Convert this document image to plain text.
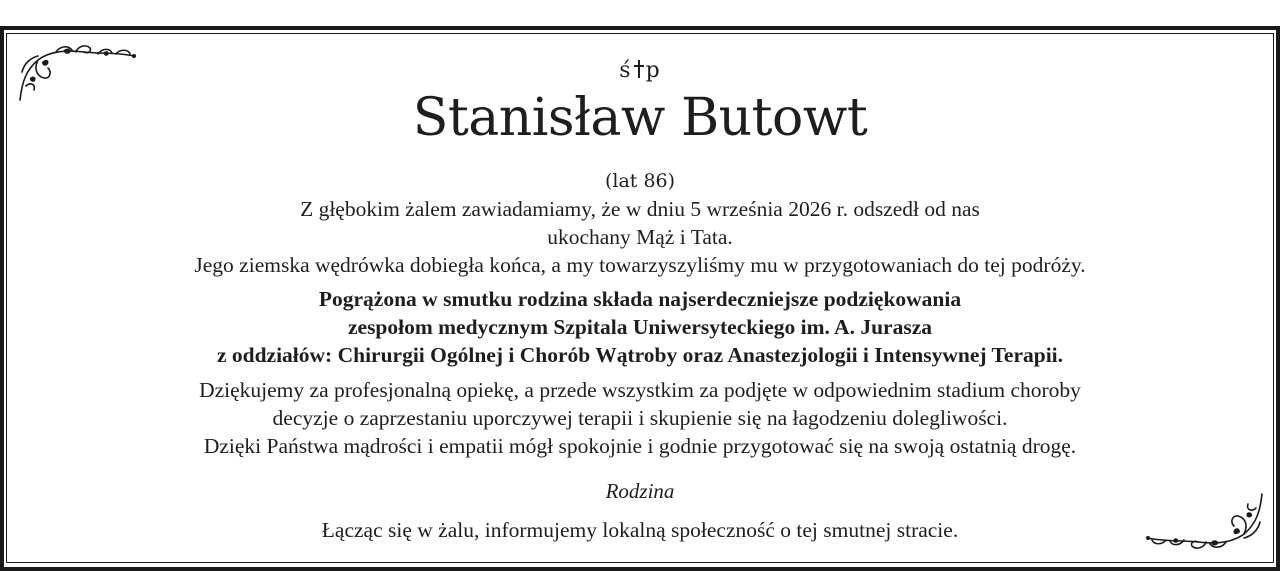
ś p
Stanisław Butowt
(lat 86)
Z głębokim żalem zawiadamiamy, że w dniu 5 września 2026 r. odszedł od nas
ukochany Mąż i Tata.
Jego ziemska wędrówka dobiegła końca, a my towarzyszyliśmy mu w przygotowaniach do tej podróży.
Pogrążona w smutku rodzina składa najserdeczniejsze podziękowania
zespołom medycznym Szpitala Uniwersyteckiego im. A. Jurasza
z oddziałów: Chirurgii Ogólnej i Chorób Wątroby oraz Anastezjologii i Intensywnej Terapii.
Dziękujemy za profesjonalną opiekę, a przede wszystkim za podjęte w odpowiednim stadium choroby
decyzje o zaprzestaniu uporczywej terapii i skupienie się na łagodzeniu dolegliwości.
Dzięki Państwa mądrości i empatii mógł spokojnie i godnie przygotować się na swoją ostatnią drogę.
Rodzina
Łącząc się w żalu, informujemy lokalną społeczność o tej smutnej stracie.
